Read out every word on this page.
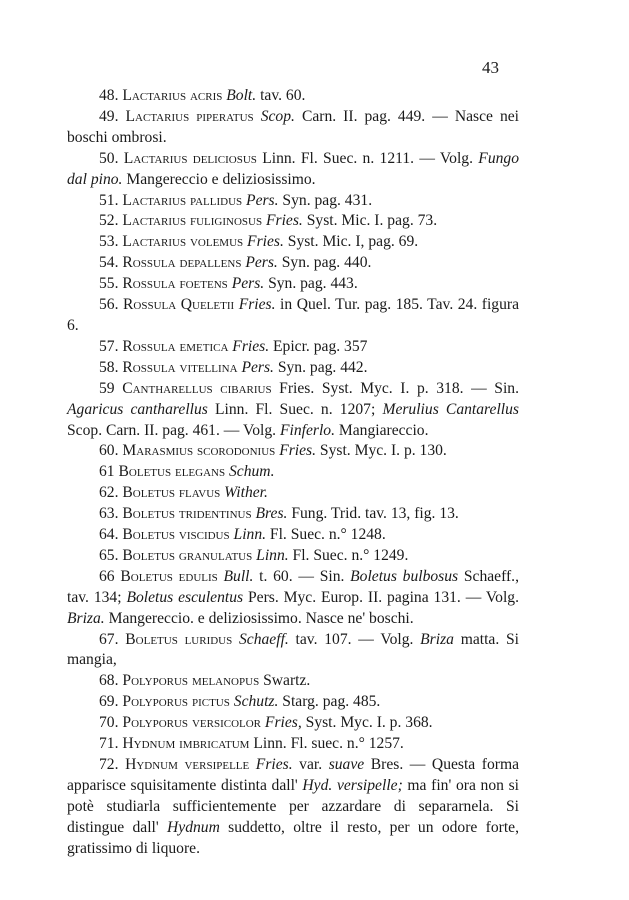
43

48. Lactarius acris Bolt. tav. 60.

49. Lactarius piperatus Scop. Carn. II. pag. 449. — Nasce nei boschi ombrosi.

50. Lactarius deliciosus Linn. Fl. Suec. n. 1211. — Volg. Fungo dal pino. Mangereccio e deliziosissimo.

51. Lactarius pallidus Pers. Syn. pag. 431.

52. Lactarius fuliginosus Fries. Syst. Mic. I. pag. 73.

53. Lactarius volemus Fries. Syst. Mic. I, pag. 69.

54. Rossula depallens Pers. Syn. pag. 440.

55. Rossula foetens Pers. Syn. pag. 443.

56. Rossula Queletii Fries. in Quel. Tur. pag. 185. Tav. 24. figura 6.

57. Rossula emetica Fries. Epicr. pag. 357

58. Rossula vitellina Pers. Syn. pag. 442.

59 Cantharellus cibarius Fries. Syst. Myc. I. p. 318. — Sin. Agaricus cantharellus Linn. Fl. Suec. n. 1207; Merulius Cantarellus Scop. Carn. II. pag. 461. — Volg. Finferlo. Mangiareccio.

60. Marasmius scorodonius Fries. Syst. Myc. I. p. 130.

61 Boletus elegans Schum.

62. Boletus flavus Wither.

63. Boletus tridentinus Bres. Fung. Trid. tav. 13, fig. 13.

64. Boletus viscidus Linn. Fl. Suec. n.° 1248.

65. Boletus granulatus Linn. Fl. Suec. n.° 1249.

66 Boletus edulis Bull. t. 60. — Sin. Boletus bulbosus Schaeff., tav. 134; Boletus esculentus Pers. Myc. Europ. II. pagina 131. — Volg. Briza. Mangereccio. e deliziosissimo. Nasce ne' boschi.

67. Boletus luridus Schaeff. tav. 107. — Volg. Briza matta. Si mangia,

68. Polyporus melanopus Swartz.

69. Polyporus pictus Schutz. Starg. pag. 485.

70. Polyporus versicolor Fries, Syst. Myc. I. p. 368.

71. Hydnum imbricatum Linn. Fl. suec. n.° 1257.

72. Hydnum versipelle Fries. var. suave Bres. — Questa forma apparisce squisitamente distinta dall' Hyd. versipelle; ma fin' ora non si potè studiarla sufficientemente per azzardare di separarnela. Si distingue dall' Hydnum suddetto, oltre il resto, per un odore forte, gratissimo di liquore.
